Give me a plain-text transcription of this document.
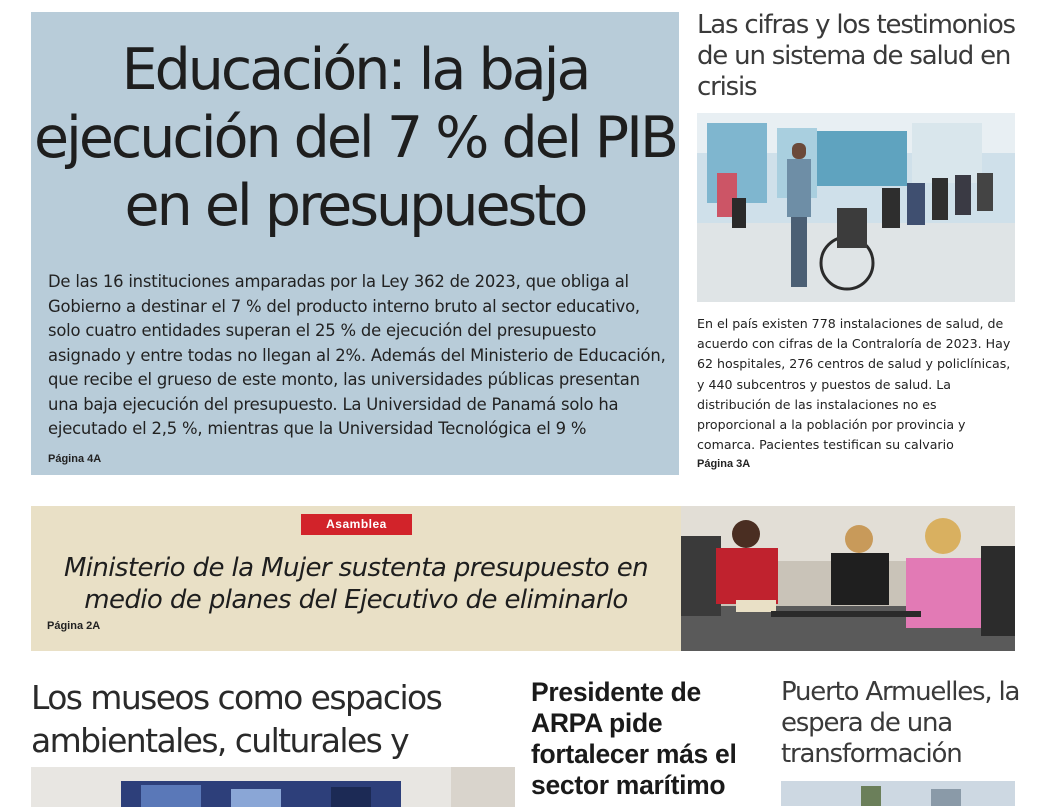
Educación: la baja ejecución del 7 % del PIB en el presupuesto

De las 16 instituciones amparadas por la Ley 362 de 2023, que obliga al Gobierno a destinar el 7 % del producto interno bruto al sector educativo, solo cuatro entidades superan el 25 % de ejecución del presupuesto asignado y entre todas no llegan al 2%. Además del Ministerio de Educación, que recibe el grueso de este monto, las universidades públicas presentan una baja ejecución del presupuesto. La Universidad de Panamá solo ha ejecutado el 2,5 %, mientras que la Universidad Tecnológica el 9 %

Página 4A
Las cifras y los testimonios de un sistema de salud en crisis

En el país existen 778 instalaciones de salud, de acuerdo con cifras de la Contraloría de 2023. Hay 62 hospitales, 276 centros de salud y policlínicas, y 440 subcentros y puestos de salud. La distribución de las instalaciones no es proporcional a la población por provincia y comarca. Pacientes testifican su calvario

Página 3A
Asamblea
Ministerio de la Mujer sustenta presupuesto en medio de planes del Ejecutivo de eliminarlo
Página 2A
Los museos como espacios ambientales, culturales y
Presidente de ARPA pide fortalecer más el sector marítimo
Puerto Armuelles, la espera de una transformación
